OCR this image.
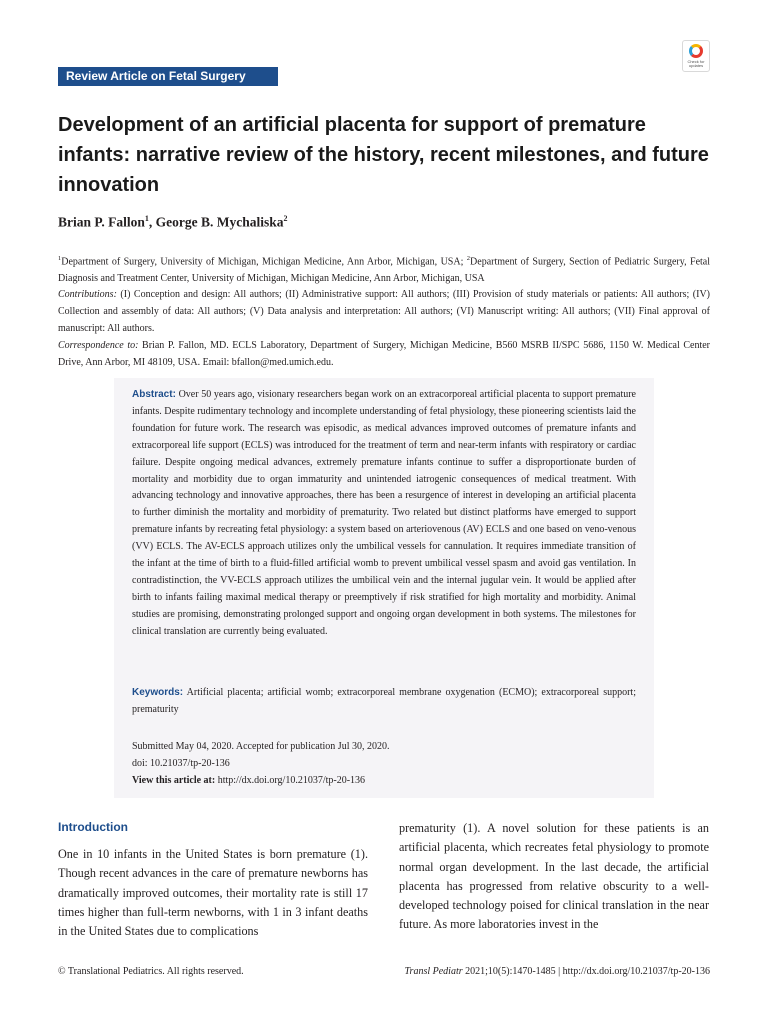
Review Article on Fetal Surgery
Check for updates
Development of an artificial placenta for support of premature infants: narrative review of the history, recent milestones, and future innovation
Brian P. Fallon$^1$, George B. Mychaliska$^2$
$^1$Department of Surgery, University of Michigan, Michigan Medicine, Ann Arbor, Michigan, USA; $^2$Department of Surgery, Section of Pediatric Surgery, Fetal Diagnosis and Treatment Center, University of Michigan, Michigan Medicine, Ann Arbor, Michigan, USA
Contributions: (I) Conception and design: All authors; (II) Administrative support: All authors; (III) Provision of study materials or patients: All authors; (IV) Collection and assembly of data: All authors; (V) Data analysis and interpretation: All authors; (VI) Manuscript writing: All authors; (VII) Final approval of manuscript: All authors.
Correspondence to: Brian P. Fallon, MD. ECLS Laboratory, Department of Surgery, Michigan Medicine, B560 MSRB II/SPC 5686, 1150 W. Medical Center Drive, Ann Arbor, MI 48109, USA. Email: bfallon@med.umich.edu.
Abstract: Over 50 years ago, visionary researchers began work on an extracorporeal artificial placenta to support premature infants. Despite rudimentary technology and incomplete understanding of fetal physiology, these pioneering scientists laid the foundation for future work. The research was episodic, as medical advances improved outcomes of premature infants and extracorporeal life support (ECLS) was introduced for the treatment of term and near-term infants with respiratory or cardiac failure. Despite ongoing medical advances, extremely premature infants continue to suffer a disproportionate burden of mortality and morbidity due to organ immaturity and unintended iatrogenic consequences of medical treatment. With advancing technology and innovative approaches, there has been a resurgence of interest in developing an artificial placenta to further diminish the mortality and morbidity of prematurity. Two related but distinct platforms have emerged to support premature infants by recreating fetal physiology: a system based on arteriovenous (AV) ECLS and one based on veno-venous (VV) ECLS. The AV-ECLS approach utilizes only the umbilical vessels for cannulation. It requires immediate transition of the infant at the time of birth to a fluid-filled artificial womb to prevent umbilical vessel spasm and avoid gas ventilation. In contradistinction, the VV-ECLS approach utilizes the umbilical vein and the internal jugular vein. It would be applied after birth to infants failing maximal medical therapy or preemptively if risk stratified for high mortality and morbidity. Animal studies are promising, demonstrating prolonged support and ongoing organ development in both systems. The milestones for clinical translation are currently being evaluated.
Keywords: Artificial placenta; artificial womb; extracorporeal membrane oxygenation (ECMO); extracorporeal support; prematurity
Submitted May 04, 2020. Accepted for publication Jul 30, 2020.
doi: 10.21037/tp-20-136
View this article at: http://dx.doi.org/10.21037/tp-20-136
Introduction
One in 10 infants in the United States is born premature (1). Though recent advances in the care of premature newborns has dramatically improved outcomes, their mortality rate is still 17 times higher than full-term newborns, with 1 in 3 infant deaths in the United States due to complications
prematurity (1). A novel solution for these patients is an artificial placenta, which recreates fetal physiology to promote normal organ development. In the last decade, the artificial placenta has progressed from relative obscurity to a well-developed technology poised for clinical translation in the near future. As more laboratories invest in the
© Translational Pediatrics. All rights reserved.	Transl Pediatr 2021;10(5):1470-1485 | http://dx.doi.org/10.21037/tp-20-136
